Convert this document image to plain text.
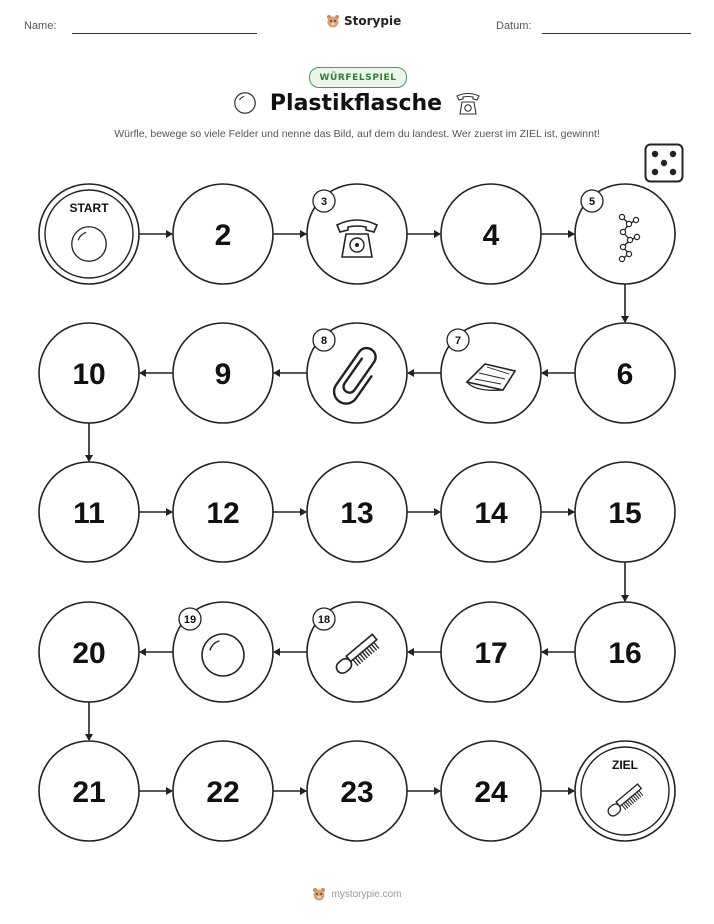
Name:	Storypie	Datum:
WÜRFELSPIEL
Plastikflasche
Würfle, bewege so viele Felder und nenne das Bild, auf dem du landest. Wer zuerst im ZIEL ist, gewinnt!
START
2
3
4
5
6
7
8
9
10
11	12	13	14	15
16
17
18
19
20
21	22	23	24
ZIEL
mystorypie.com
